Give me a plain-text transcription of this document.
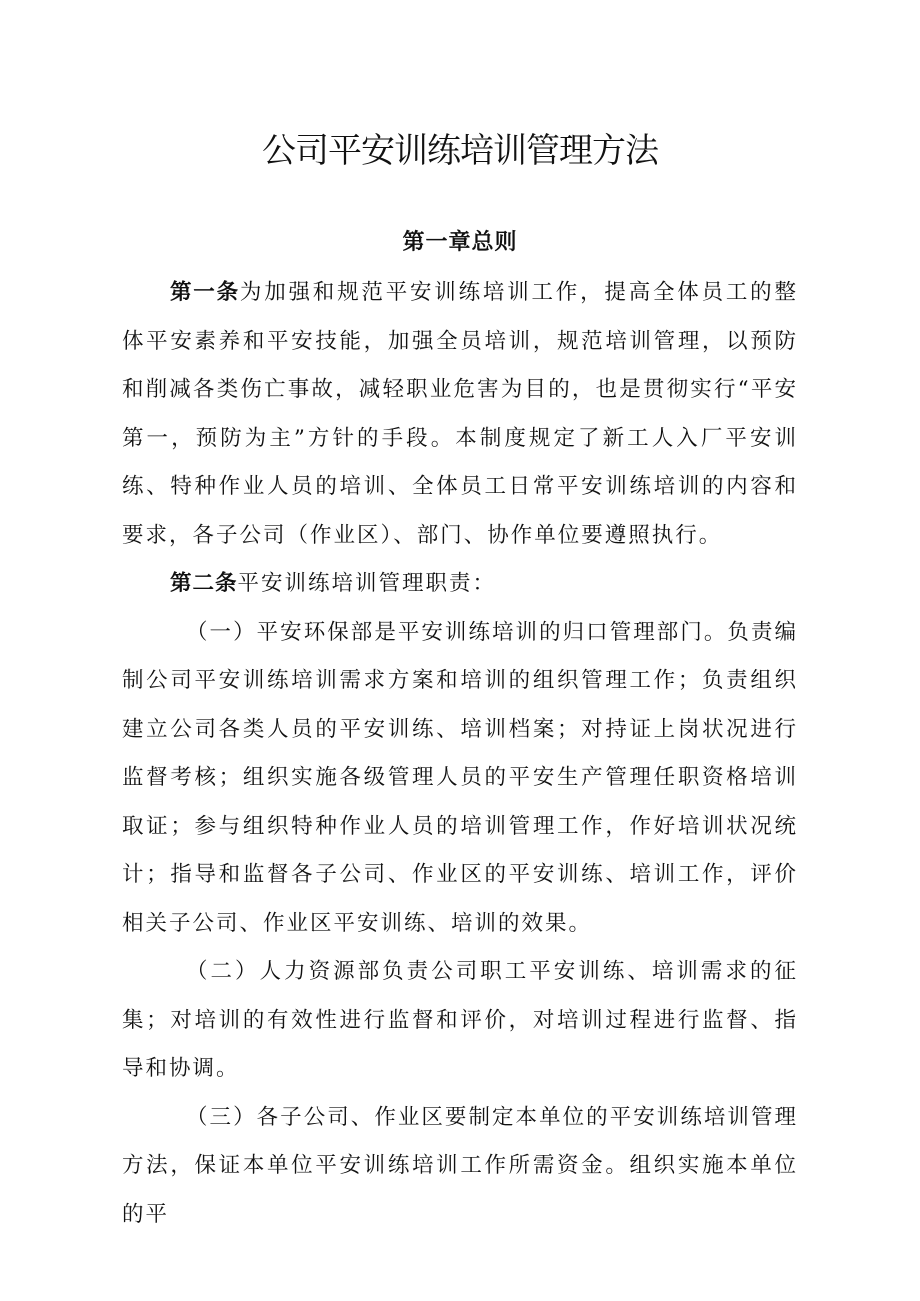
公司平安训练培训管理方法
第一章总则

第一条为加强和规范平安训练培训工作，提高全体员工的整体平安素养和平安技能，加强全员培训，规范培训管理，以预防和削减各类伤亡事故，减轻职业危害为目的，也是贯彻实行“平安第一，预防为主”方针的手段。本制度规定了新工人入厂平安训练、特种作业人员的培训、全体员工日常平安训练培训的内容和要求，各子公司（作业区）、部门、协作单位要遵照执行。

第二条平安训练培训管理职责：

（一）平安环保部是平安训练培训的归口管理部门。负责编制公司平安训练培训需求方案和培训的组织管理工作；负责组织建立公司各类人员的平安训练、培训档案；对持证上岗状况进行监督考核；组织实施各级管理人员的平安生产管理任职资格培训取证；参与组织特种作业人员的培训管理工作，作好培训状况统计；指导和监督各子公司、作业区的平安训练、培训工作，评价相关子公司、作业区平安训练、培训的效果。

（二）人力资源部负责公司职工平安训练、培训需求的征集；对培训的有效性进行监督和评价，对培训过程进行监督、指导和协调。

（三）各子公司、作业区要制定本单位的平安训练培训管理方法，保证本单位平安训练培训工作所需资金。组织实施本单位的平
